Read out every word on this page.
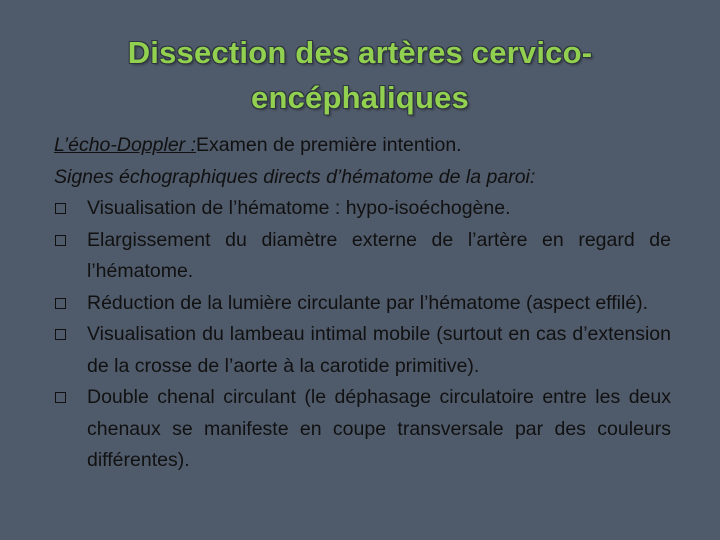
Dissection des artères cervico-encéphaliques

L’écho-Doppler :Examen de première intention.

Signes échographiques directs d’hématome de la paroi:

Visualisation de l’hématome : hypo-isoéchogène.
Elargissement du diamètre externe de l’artère en regard de l’hématome.
Réduction de la lumière circulante par l’hématome (aspect effilé).
Visualisation du lambeau intimal mobile (surtout en cas d’extension de la crosse de l’aorte à la carotide primitive).
Double chenal circulant (le déphasage circulatoire entre les deux chenaux se manifeste en coupe transversale par des couleurs différentes).
